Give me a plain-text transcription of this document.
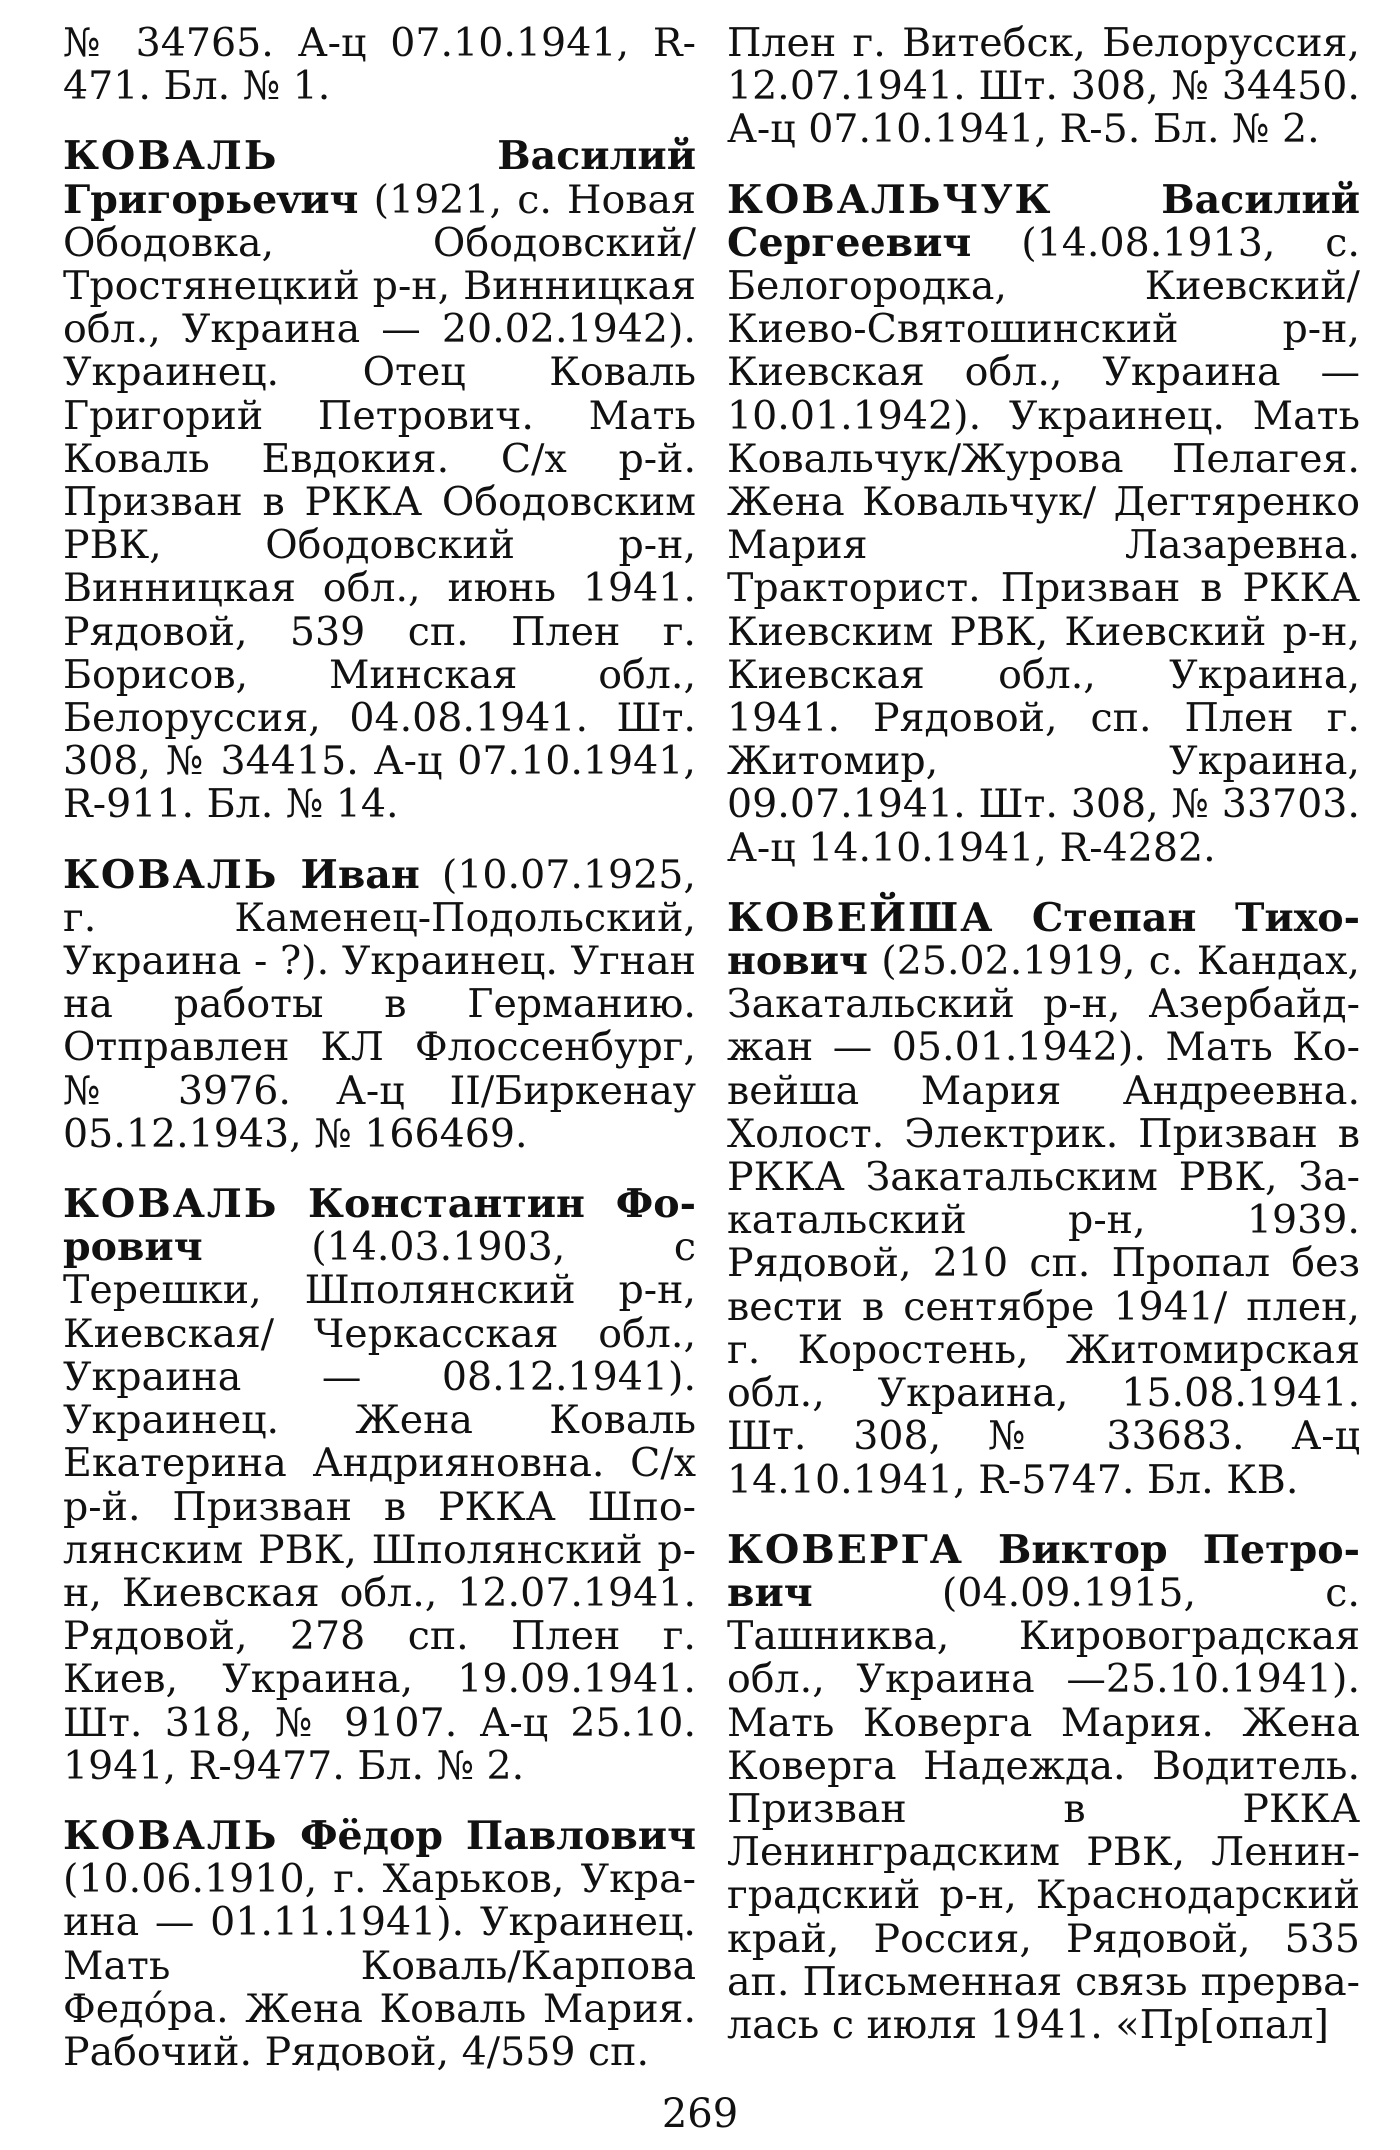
№ 34765. А-ц 07.10.1941, R-471. Бл. № 1.

КОВАЛЬ	Василий Григорьеvич (1921, с. Новая Ободовка, Ободовский/Тростянецкий р-н, Винницкая обл., Украина — 20.02.1942). Украинец. Отец Коваль Григорий Петрович. Мать Коваль Евдокия. С/х р-й. Призван в РККА Ободовским РВК, Ободовский р-н, Винницкая обл., июнь 1941. Рядовой, 539 сп. Плен г. Борисов, Минская обл., Белоруссия, 04.08.1941. Шт. 308, № 34415. А-ц 07.10.1941, R-911. Бл. № 14.

КОВАЛЬ Иван (10.07.1925, г. Каменец-Подольский, Украина - ?). Украинец. Угнан на работы в Германию. Отправлен КЛ Флоссенбург, № 3976. А-ц II/Биркенау 05.12.1943, № 166469.

КОВАЛЬ Константин Форович	(14.03.1903, с Терешки, Шполянский р-н, Киевская/ Черкасская обл., Украина — 08.12.1941). Украинец. Жена Коваль Екатерина Андрияновна. С/х р-й. Призван в РККА Шполянским РВК, Шполянский р-н, Киевская обл., 12.07.1941. Рядовой, 278 сп. Плен г. Киев, Украина, 19.09.1941. Шт. 318, № 9107. А-ц 25.10. 1941, R-9477. Бл. № 2.

КОВАЛЬ Фёдор Павлович (10.06.1910, г. Харьков, Украина — 01.11.1941). Украинец. Мать Коваль/Карпова Федóра. Жена Коваль Мария. Рабочий. Рядовой, 4/559 сп.

Плен г. Витебск, Белоруссия, 12.07.1941. Шт. 308, № 34450. А-ц 07.10.1941, R-5. Бл. № 2.

КОВАЛЬЧУК	Василий Сергеевич (14.08.1913, с. Белогородка, Киевский/Киево-Святошинский р-н, Киевская обл., Украина — 10.01.1942). Украинец. Мать Ковальчук/Журова Пелагея. Жена Ковальчук/ Дегтяренко Мария Лазаревна. Тракторист. Призван в РККА Киевским РВК, Киевский р-н, Киевская обл., Украина, 1941. Рядовой, сп. Плен г. Житомир, Украина, 09.07.1941. Шт. 308, № 33703. А-ц 14.10.1941, R-4282.

КОВЕЙША Степан Тихонович (25.02.1919, с. Кандах, Закатальский р-н, Азербайджан — 05.01.1942). Мать Ковейша Мария Андреевна. Холост. Электрик. Призван в РККА Закатальским РВК, Закатальский р-н, 1939. Рядовой, 210 сп. Пропал без вести в сентябре 1941/ плен, г. Коростень, Житомирская обл., Украина, 15.08.1941. Шт. 308, № 33683. А-ц 14.10.1941, R-5747. Бл. КВ.

КОВЕРГА Виктор Петрович	(04.09.1915, с. Ташниква, Кировоградская обл., Украина —25.10.1941). Мать Коверга Мария. Жена Коверга Надежда. Водитель. Призван в РККА Ленинградским РВК, Ленинградский р-н, Краснодарский край, Россия, Рядовой, 535 ап. Письменная связь прервалась с июля 1941. «Пр[опал]

269
